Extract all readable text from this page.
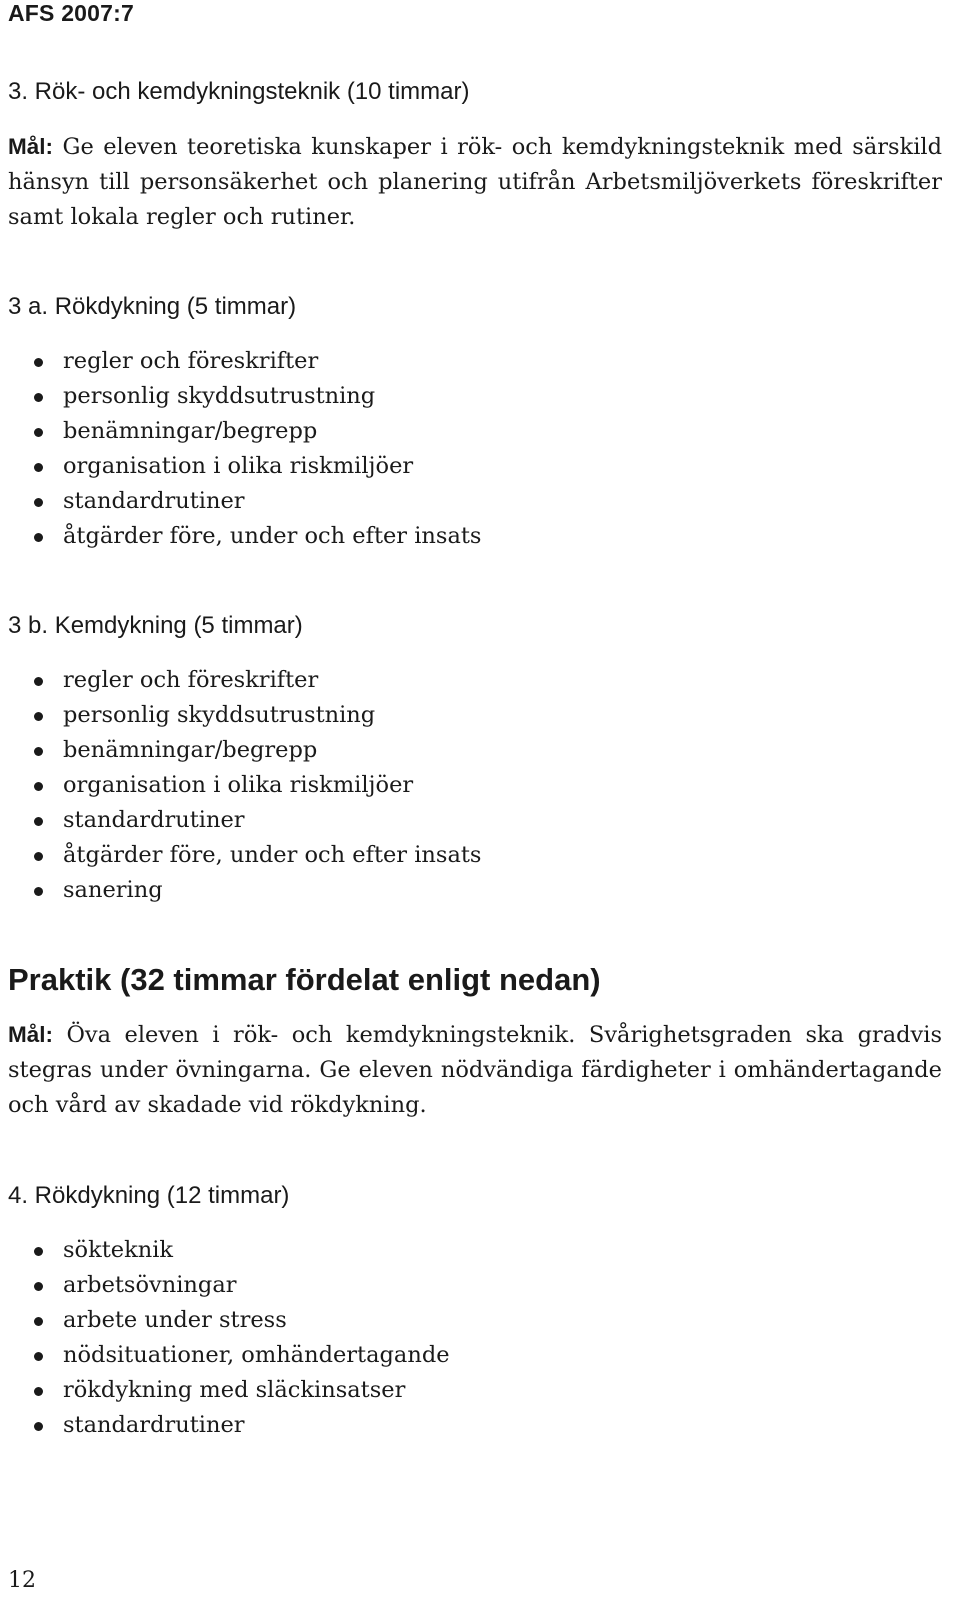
AFS 2007:7
3. Rök- och kemdykningsteknik (10 timmar)

Mål: Ge eleven teoretiska kunskaper i rök- och kemdykningsteknik med särskild hänsyn till personsäkerhet och planering utifrån Arbetsmiljöverkets föreskrifter samt lokala regler och rutiner.

3 a. Rökdykning (5 timmar)
regler och föreskrifter
personlig skyddsutrustning
benämningar/begrepp
organisation i olika riskmiljöer
standardrutiner
åtgärder före, under och efter insats
3 b. Kemdykning (5 timmar)
regler och föreskrifter
personlig skyddsutrustning
benämningar/begrepp
organisation i olika riskmiljöer
standardrutiner
åtgärder före, under och efter insats
sanering
Praktik (32 timmar fördelat enligt nedan)

Mål: Öva eleven i rök- och kemdykningsteknik. Svårighetsgraden ska gradvis stegras under övningarna. Ge eleven nödvändiga färdigheter i omhändertagande och vård av skadade vid rökdykning.

4. Rökdykning (12 timmar)
sökteknik
arbetsövningar
arbete under stress
nödsituationer, omhändertagande
rökdykning med släckinsatser
standardrutiner
12
